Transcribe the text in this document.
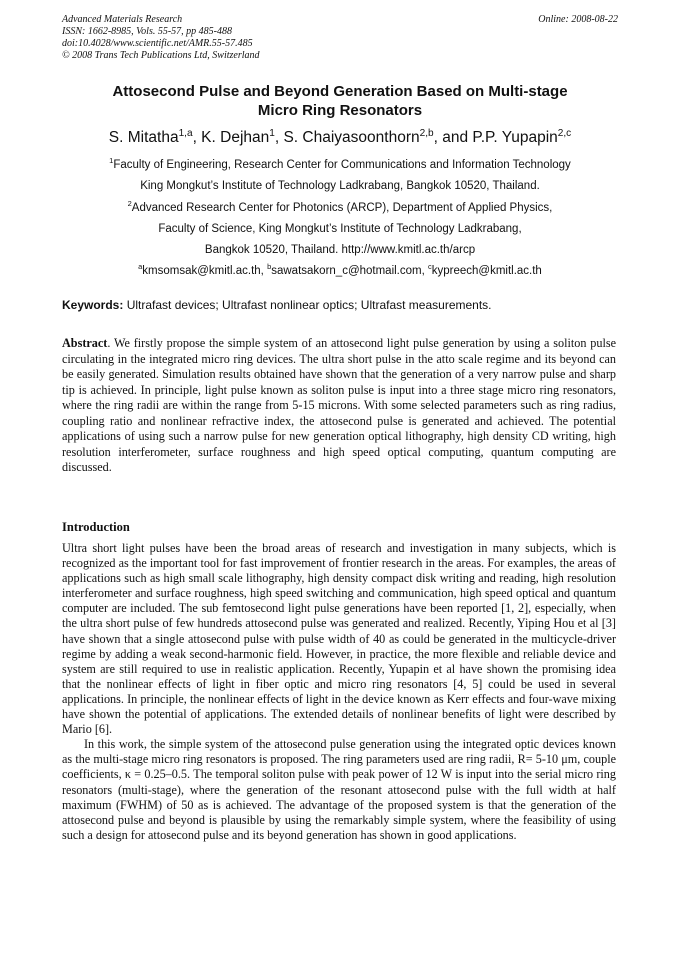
Advanced Materials Research
ISSN: 1662-8985, Vols. 55-57, pp 485-488
doi:10.4028/www.scientific.net/AMR.55-57.485
© 2008 Trans Tech Publications Ltd, Switzerland
Online: 2008-08-22
Attosecond Pulse and Beyond Generation Based on Multi-stage
Micro Ring Resonators
S. Mitatha$^{1,a}$, K. Dejhan$^1$, S. Chaiyasoonthorn$^{2,b}$, and P.P. Yupapin$^{2,c}$
$^1$Faculty of Engineering, Research Center for Communications and Information Technology
King Mongkut’s Institute of Technology Ladkrabang, Bangkok 10520, Thailand.
$^2$Advanced Research Center for Photonics (ARCP), Department of Applied Physics,
Faculty of Science, King Mongkut’s Institute of Technology Ladkrabang,
Bangkok 10520, Thailand. http://www.kmitl.ac.th/arcp
$^a$kmsomsak@kmitl.ac.th, $^b$sawatsakorn_c@hotmail.com, $^c$kypreech@kmitl.ac.th
Keywords: Ultrafast devices; Ultrafast nonlinear optics; Ultrafast measurements.

Abstract. We firstly propose the simple system of an attosecond light pulse generation by using a soliton pulse circulating in the integrated micro ring devices. The ultra short pulse in the atto scale regime and its beyond can be easily generated. Simulation results obtained have shown that the generation of a very narrow pulse and sharp tip is achieved. In principle, light pulse known as soliton pulse is input into a three stage micro ring resonators, where the ring radii are within the range from 5-15 microns. With some selected parameters such as ring radius, coupling ratio and nonlinear refractive index, the attosecond pulse is generated and achieved. The potential applications of using such a narrow pulse for new generation optical lithography, high density CD writing, high resolution interferometer, surface roughness and high speed optical computing, quantum computing are discussed.

Introduction

Ultra short light pulses have been the broad areas of research and investigation in many subjects, which is recognized as the important tool for fast improvement of frontier research in the areas. For examples, the areas of applications such as high small scale lithography, high density compact disk writing and reading, high resolution interferometer and surface roughness, high speed switching and communication, high speed optical and quantum computer are included. The sub femtosecond light pulse generations have been reported [1, 2], especially, when the ultra short pulse of few hundreds attosecond pulse was generated and realized. Recently, Yiping Hou et al [3] have shown that a single attosecond pulse with pulse width of 40 as could be generated in the multicycle-driver regime by adding a weak second-harmonic field. However, in practice, the more flexible and reliable device and system are still required to use in realistic application. Recently, Yupapin et al have shown the promising idea that the nonlinear effects of light in fiber optic and micro ring resonators [4, 5] could be used in several applications. In principle, the nonlinear effects of light in the device known as Kerr effects and four-wave mixing have shown the potential of applications. The extended details of nonlinear benefits of light were described by Mario [6].

In this work, the simple system of the attosecond pulse generation using the integrated optic devices known as the multi-stage micro ring resonators is proposed. The ring parameters used are ring radii, R= 5-10 μm, couple coefficients, κ = 0.25–0.5. The temporal soliton pulse with peak power of 12 W is input into the serial micro ring resonators (multi-stage), where the generation of the resonant attosecond pulse with the full width at half maximum (FWHM) of 50 as is achieved. The advantage of the proposed system is that the generation of the attosecond pulse and beyond is plausible by using the remarkably simple system, where the feasibility of using such a design for attosecond pulse and its beyond generation has shown in good applications.
